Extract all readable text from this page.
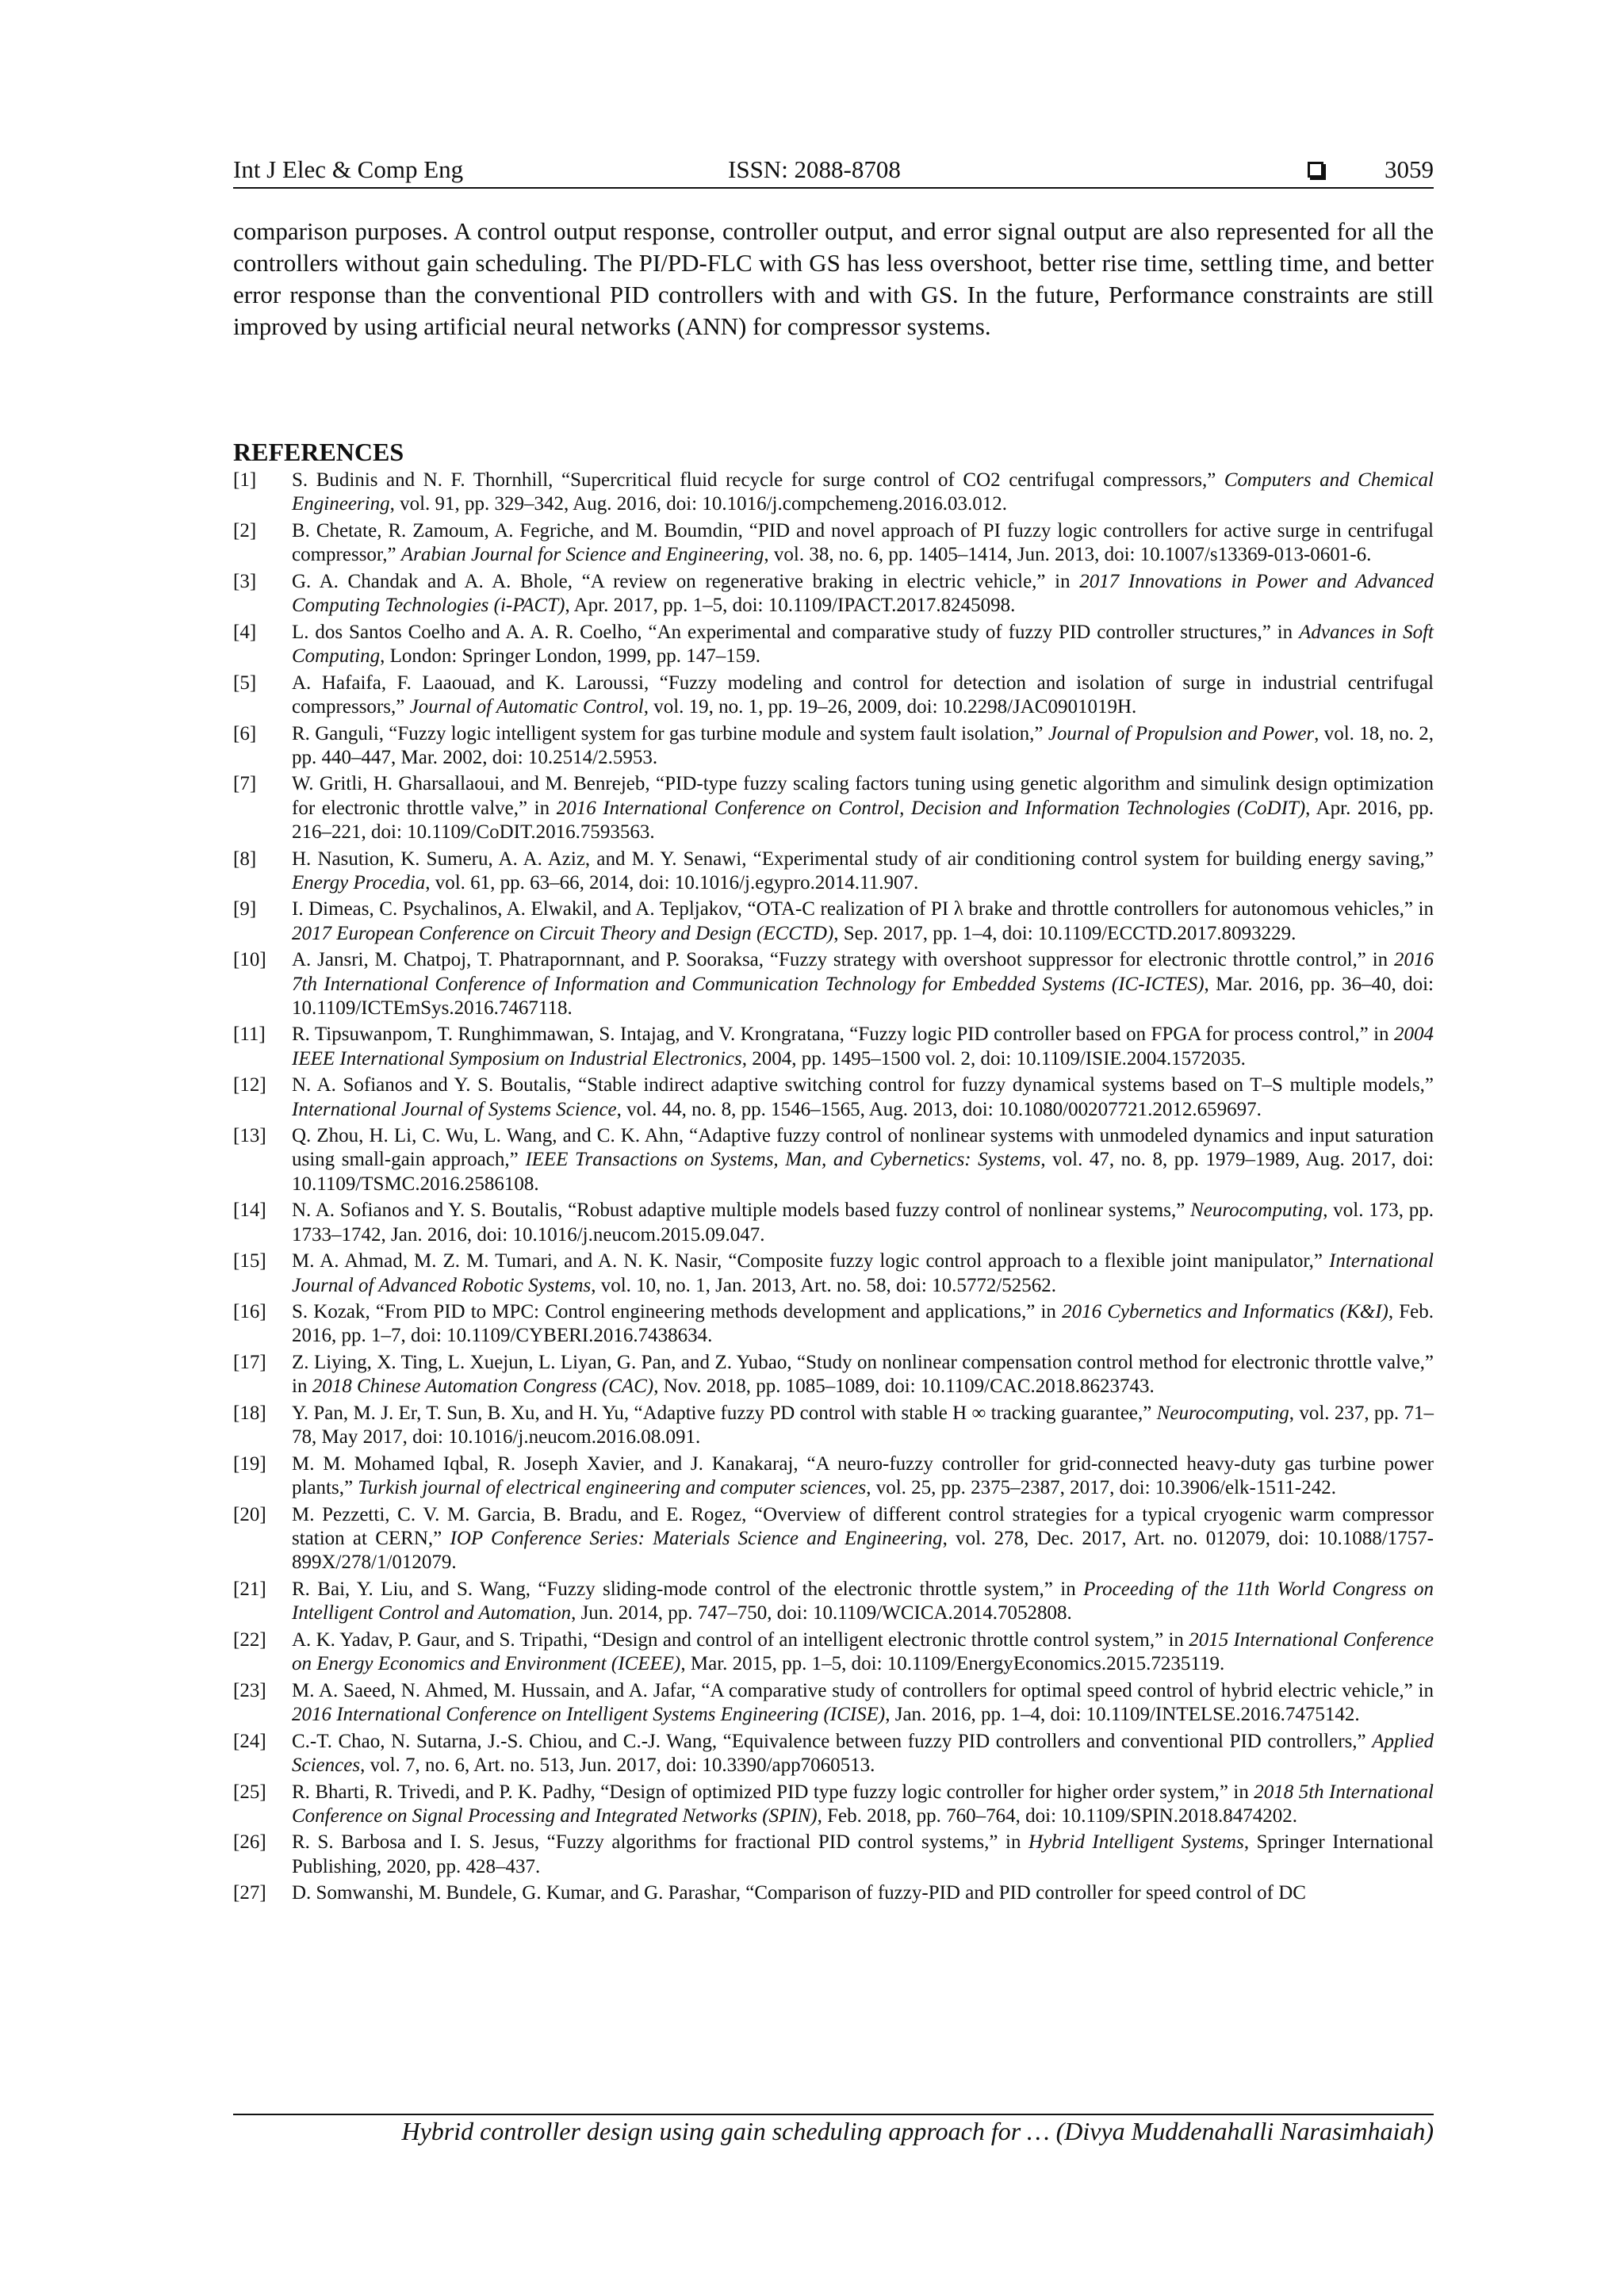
Int J Elec & Comp Eng	ISSN: 2088-8708	3059

comparison purposes. A control output response, controller output, and error signal output are also represented for all the controllers without gain scheduling. The PI/PD-FLC with GS has less overshoot, better rise time, settling time, and better error response than the conventional PID controllers with and with GS. In the future, Performance constraints are still improved by using artificial neural networks (ANN) for compressor systems.

REFERENCES
[1] S. Budinis and N. F. Thornhill, “Supercritical fluid recycle for surge control of CO2 centrifugal compressors,” Computers and Chemical Engineering, vol. 91, pp. 329–342, Aug. 2016, doi: 10.1016/j.compchemeng.2016.03.012.
[2] B. Chetate, R. Zamoum, A. Fegriche, and M. Boumdin, “PID and novel approach of PI fuzzy logic controllers for active surge in centrifugal compressor,” Arabian Journal for Science and Engineering, vol. 38, no. 6, pp. 1405–1414, Jun. 2013, doi: 10.1007/s13369-013-0601-6.
[3] G. A. Chandak and A. A. Bhole, “A review on regenerative braking in electric vehicle,” in 2017 Innovations in Power and Advanced Computing Technologies (i-PACT), Apr. 2017, pp. 1–5, doi: 10.1109/IPACT.2017.8245098.
[4] L. dos Santos Coelho and A. A. R. Coelho, “An experimental and comparative study of fuzzy PID controller structures,” in Advances in Soft Computing, London: Springer London, 1999, pp. 147–159.
[5] A. Hafaifa, F. Laaouad, and K. Laroussi, “Fuzzy modeling and control for detection and isolation of surge in industrial centrifugal compressors,” Journal of Automatic Control, vol. 19, no. 1, pp. 19–26, 2009, doi: 10.2298/JAC0901019H.
[6] R. Ganguli, “Fuzzy logic intelligent system for gas turbine module and system fault isolation,” Journal of Propulsion and Power, vol. 18, no. 2, pp. 440–447, Mar. 2002, doi: 10.2514/2.5953.
[7] W. Gritli, H. Gharsallaoui, and M. Benrejeb, “PID-type fuzzy scaling factors tuning using genetic algorithm and simulink design optimization for electronic throttle valve,” in 2016 International Conference on Control, Decision and Information Technologies (CoDIT), Apr. 2016, pp. 216–221, doi: 10.1109/CoDIT.2016.7593563.
[8] H. Nasution, K. Sumeru, A. A. Aziz, and M. Y. Senawi, “Experimental study of air conditioning control system for building energy saving,” Energy Procedia, vol. 61, pp. 63–66, 2014, doi: 10.1016/j.egypro.2014.11.907.
[9] I. Dimeas, C. Psychalinos, A. Elwakil, and A. Tepljakov, “OTA-C realization of PI λ brake and throttle controllers for autonomous vehicles,” in 2017 European Conference on Circuit Theory and Design (ECCTD), Sep. 2017, pp. 1–4, doi: 10.1109/ECCTD.2017.8093229.
[10] A. Jansri, M. Chatpoj, T. Phatrapornnant, and P. Sooraksa, “Fuzzy strategy with overshoot suppressor for electronic throttle control,” in 2016 7th International Conference of Information and Communication Technology for Embedded Systems (IC-ICTES), Mar. 2016, pp. 36–40, doi: 10.1109/ICTEmSys.2016.7467118.
[11] R. Tipsuwanpom, T. Runghimmawan, S. Intajag, and V. Krongratana, “Fuzzy logic PID controller based on FPGA for process control,” in 2004 IEEE International Symposium on Industrial Electronics, 2004, pp. 1495–1500 vol. 2, doi: 10.1109/ISIE.2004.1572035.
[12] N. A. Sofianos and Y. S. Boutalis, “Stable indirect adaptive switching control for fuzzy dynamical systems based on T–S multiple models,” International Journal of Systems Science, vol. 44, no. 8, pp. 1546–1565, Aug. 2013, doi: 10.1080/00207721.2012.659697.
[13] Q. Zhou, H. Li, C. Wu, L. Wang, and C. K. Ahn, “Adaptive fuzzy control of nonlinear systems with unmodeled dynamics and input saturation using small-gain approach,” IEEE Transactions on Systems, Man, and Cybernetics: Systems, vol. 47, no. 8, pp. 1979–1989, Aug. 2017, doi: 10.1109/TSMC.2016.2586108.
[14] N. A. Sofianos and Y. S. Boutalis, “Robust adaptive multiple models based fuzzy control of nonlinear systems,” Neurocomputing, vol. 173, pp. 1733–1742, Jan. 2016, doi: 10.1016/j.neucom.2015.09.047.
[15] M. A. Ahmad, M. Z. M. Tumari, and A. N. K. Nasir, “Composite fuzzy logic control approach to a flexible joint manipulator,” International Journal of Advanced Robotic Systems, vol. 10, no. 1, Jan. 2013, Art. no. 58, doi: 10.5772/52562.
[16] S. Kozak, “From PID to MPC: Control engineering methods development and applications,” in 2016 Cybernetics and Informatics (K&I), Feb. 2016, pp. 1–7, doi: 10.1109/CYBERI.2016.7438634.
[17] Z. Liying, X. Ting, L. Xuejun, L. Liyan, G. Pan, and Z. Yubao, “Study on nonlinear compensation control method for electronic throttle valve,” in 2018 Chinese Automation Congress (CAC), Nov. 2018, pp. 1085–1089, doi: 10.1109/CAC.2018.8623743.
[18] Y. Pan, M. J. Er, T. Sun, B. Xu, and H. Yu, “Adaptive fuzzy PD control with stable H ∞ tracking guarantee,” Neurocomputing, vol. 237, pp. 71–78, May 2017, doi: 10.1016/j.neucom.2016.08.091.
[19] M. M. Mohamed Iqbal, R. Joseph Xavier, and J. Kanakaraj, “A neuro-fuzzy controller for grid-connected heavy-duty gas turbine power plants,” Turkish journal of electrical engineering and computer sciences, vol. 25, pp. 2375–2387, 2017, doi: 10.3906/elk-1511-242.
[20] M. Pezzetti, C. V. M. Garcia, B. Bradu, and E. Rogez, “Overview of different control strategies for a typical cryogenic warm compressor station at CERN,” IOP Conference Series: Materials Science and Engineering, vol. 278, Dec. 2017, Art. no. 012079, doi: 10.1088/1757-899X/278/1/012079.
[21] R. Bai, Y. Liu, and S. Wang, “Fuzzy sliding-mode control of the electronic throttle system,” in Proceeding of the 11th World Congress on Intelligent Control and Automation, Jun. 2014, pp. 747–750, doi: 10.1109/WCICA.2014.7052808.
[22] A. K. Yadav, P. Gaur, and S. Tripathi, “Design and control of an intelligent electronic throttle control system,” in 2015 International Conference on Energy Economics and Environment (ICEEE), Mar. 2015, pp. 1–5, doi: 10.1109/EnergyEconomics.2015.7235119.
[23] M. A. Saeed, N. Ahmed, M. Hussain, and A. Jafar, “A comparative study of controllers for optimal speed control of hybrid electric vehicle,” in 2016 International Conference on Intelligent Systems Engineering (ICISE), Jan. 2016, pp. 1–4, doi: 10.1109/INTELSE.2016.7475142.
[24] C.-T. Chao, N. Sutarna, J.-S. Chiou, and C.-J. Wang, “Equivalence between fuzzy PID controllers and conventional PID controllers,” Applied Sciences, vol. 7, no. 6, Art. no. 513, Jun. 2017, doi: 10.3390/app7060513.
[25] R. Bharti, R. Trivedi, and P. K. Padhy, “Design of optimized PID type fuzzy logic controller for higher order system,” in 2018 5th International Conference on Signal Processing and Integrated Networks (SPIN), Feb. 2018, pp. 760–764, doi: 10.1109/SPIN.2018.8474202.
[26] R. S. Barbosa and I. S. Jesus, “Fuzzy algorithms for fractional PID control systems,” in Hybrid Intelligent Systems, Springer International Publishing, 2020, pp. 428–437.
[27] D. Somwanshi, M. Bundele, G. Kumar, and G. Parashar, “Comparison of fuzzy-PID and PID controller for speed control of DC
Hybrid controller design using gain scheduling approach for … (Divya Muddenahalli Narasimhaiah)
